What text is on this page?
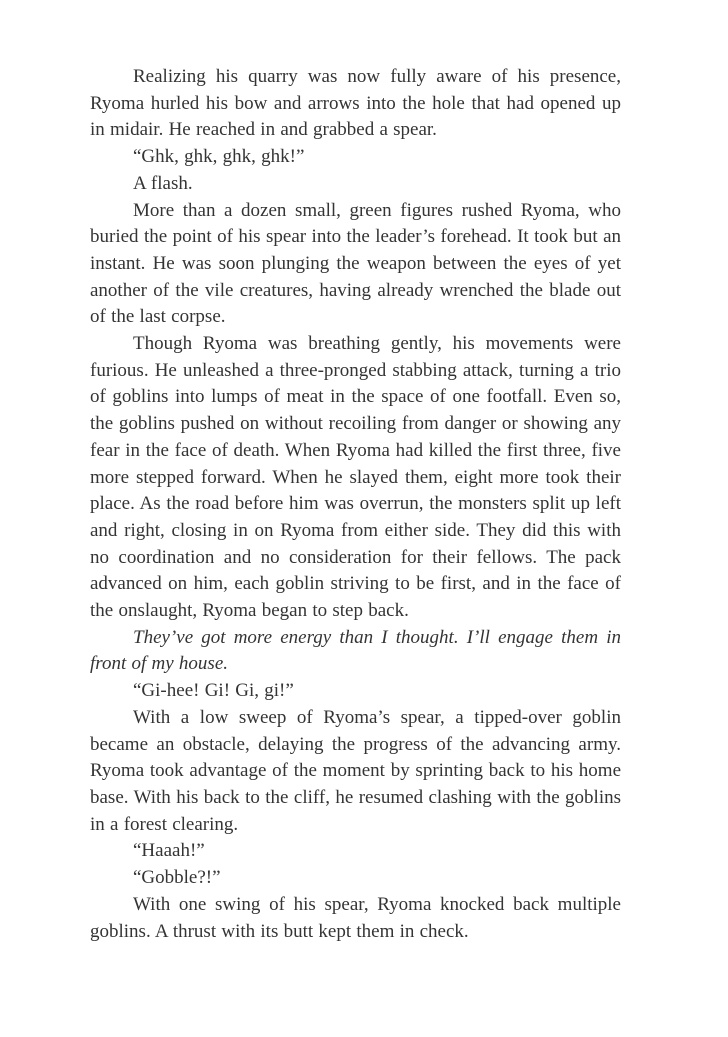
Realizing his quarry was now fully aware of his presence, Ryoma hurled his bow and arrows into the hole that had opened up in midair. He reached in and grabbed a spear.

“Ghk, ghk, ghk, ghk!”

A flash.

More than a dozen small, green figures rushed Ryoma, who buried the point of his spear into the leader’s forehead. It took but an instant. He was soon plunging the weapon between the eyes of yet another of the vile creatures, having already wrenched the blade out of the last corpse.

Though Ryoma was breathing gently, his movements were furious. He unleashed a three-pronged stabbing attack, turning a trio of goblins into lumps of meat in the space of one footfall. Even so, the goblins pushed on without recoiling from danger or showing any fear in the face of death. When Ryoma had killed the first three, five more stepped forward. When he slayed them, eight more took their place. As the road before him was overrun, the monsters split up left and right, closing in on Ryoma from either side. They did this with no coordination and no consideration for their fellows. The pack advanced on him, each goblin striving to be first, and in the face of the onslaught, Ryoma began to step back.

They’ve got more energy than I thought. I’ll engage them in front of my house.

“Gi-hee! Gi! Gi, gi!”

With a low sweep of Ryoma’s spear, a tipped-over goblin became an obstacle, delaying the progress of the advancing army. Ryoma took advantage of the moment by sprinting back to his home base. With his back to the cliff, he resumed clashing with the goblins in a forest clearing.

“Haaah!”

“Gobble?!”

With one swing of his spear, Ryoma knocked back multiple goblins. A thrust with its butt kept them in check.
